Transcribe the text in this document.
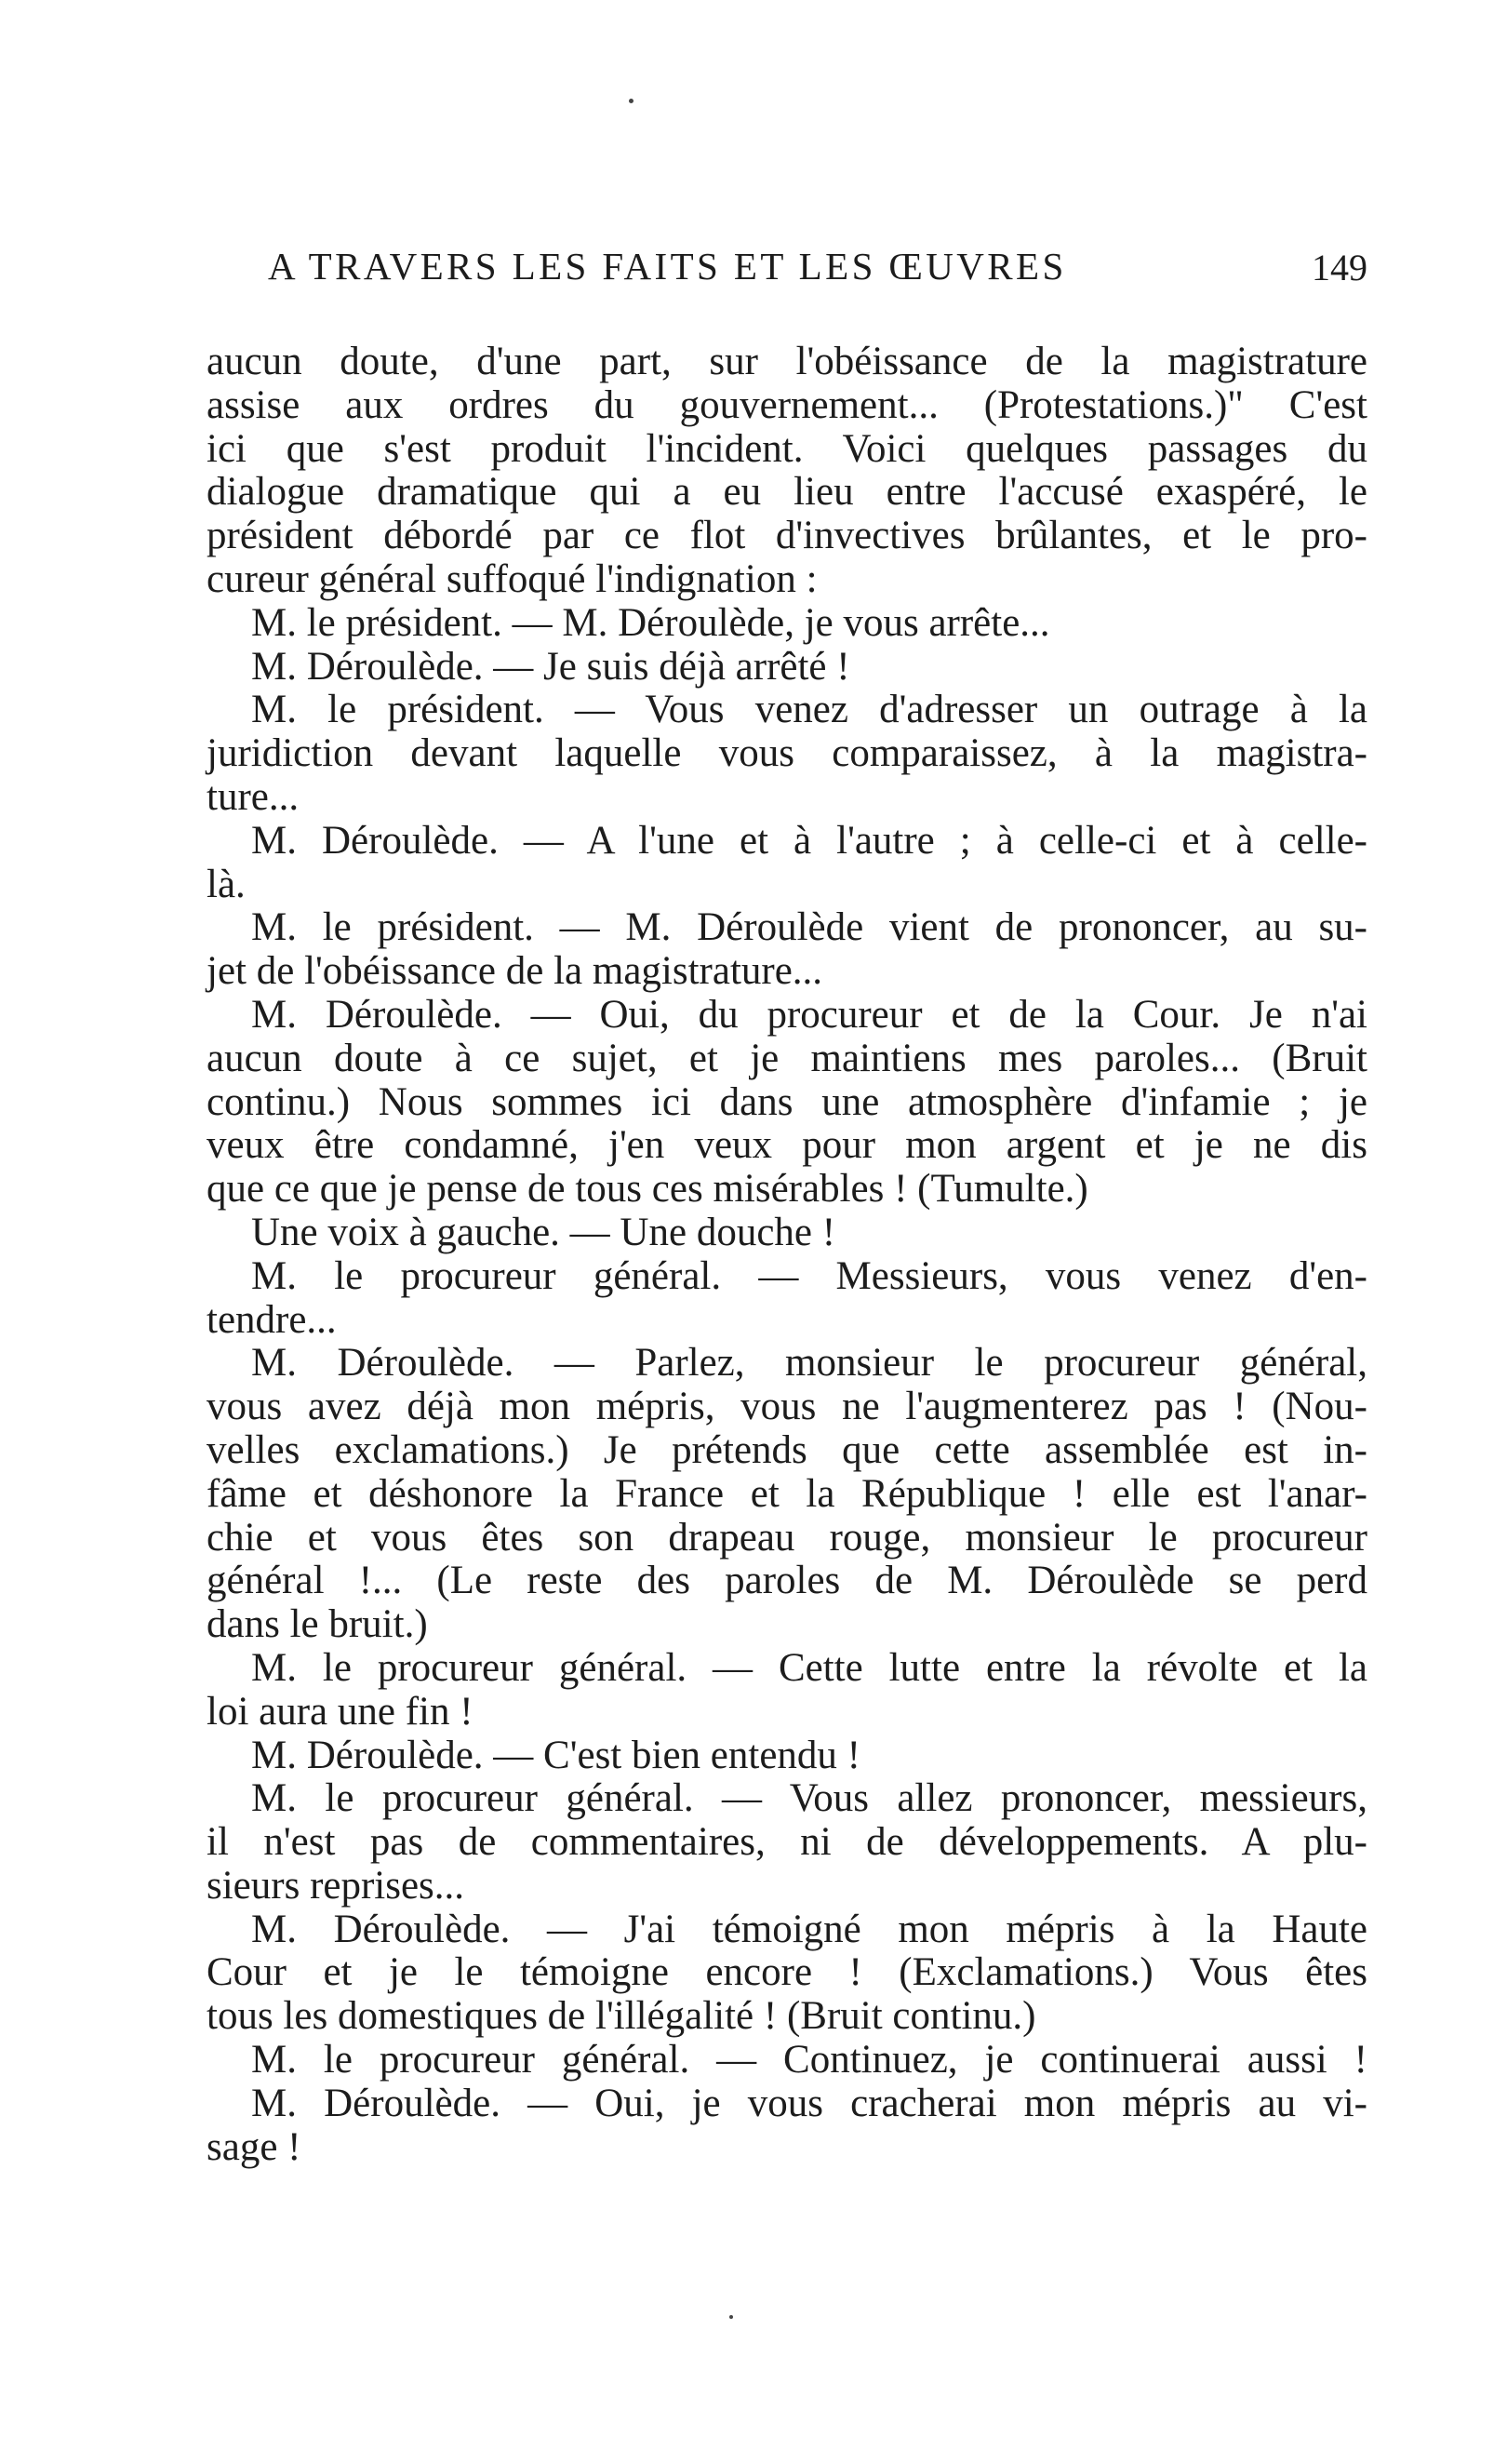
A TRAVERS LES FAITS ET LES ŒUVRES	149
aucun doute, d'une part, sur l'obéissance de la magistrature
assise aux ordres du gouvernement... (Protestations.)" C'est
ici que s'est produit l'incident. Voici quelques passages du
dialogue dramatique qui a eu lieu entre l'accusé exaspéré, le
président débordé par ce flot d'invectives brûlantes, et le pro-
cureur général suffoqué l'indignation :
M. le président. — M. Déroulède, je vous arrête...
M. Déroulède. — Je suis déjà arrêté !
M. le président. — Vous venez d'adresser un outrage à la
juridiction devant laquelle vous comparaissez, à la magistra-
ture...
M. Déroulède. — A l'une et à l'autre ; à celle-ci et à celle-
là.
M. le président. — M. Déroulède vient de prononcer, au su-
jet de l'obéissance de la magistrature...
M. Déroulède. — Oui, du procureur et de la Cour. Je n'ai
aucun doute à ce sujet, et je maintiens mes paroles... (Bruit
continu.) Nous sommes ici dans une atmosphère d'infamie ; je
veux être condamné, j'en veux pour mon argent et je ne dis
que ce que je pense de tous ces misérables ! (Tumulte.)
Une voix à gauche. — Une douche !
M. le procureur général. — Messieurs, vous venez d'en-
tendre...
M. Déroulède. — Parlez, monsieur le procureur général,
vous avez déjà mon mépris, vous ne l'augmenterez pas ! (Nou-
velles exclamations.) Je prétends que cette assemblée est in-
fâme et déshonore la France et la République ! elle est l'anar-
chie et vous êtes son drapeau rouge, monsieur le procureur
général !... (Le reste des paroles de M. Déroulède se perd
dans le bruit.)
M. le procureur général. — Cette lutte entre la révolte et la
loi aura une fin !
M. Déroulède. — C'est bien entendu !
M. le procureur général. — Vous allez prononcer, messieurs,
il n'est pas de commentaires, ni de développements. A plu-
sieurs reprises...
M. Déroulède. — J'ai témoigné mon mépris à la Haute
Cour et je le témoigne encore ! (Exclamations.) Vous êtes
tous les domestiques de l'illégalité ! (Bruit continu.)
M. le procureur général. — Continuez, je continuerai aussi !
M. Déroulède. — Oui, je vous cracherai mon mépris au vi-
sage !
